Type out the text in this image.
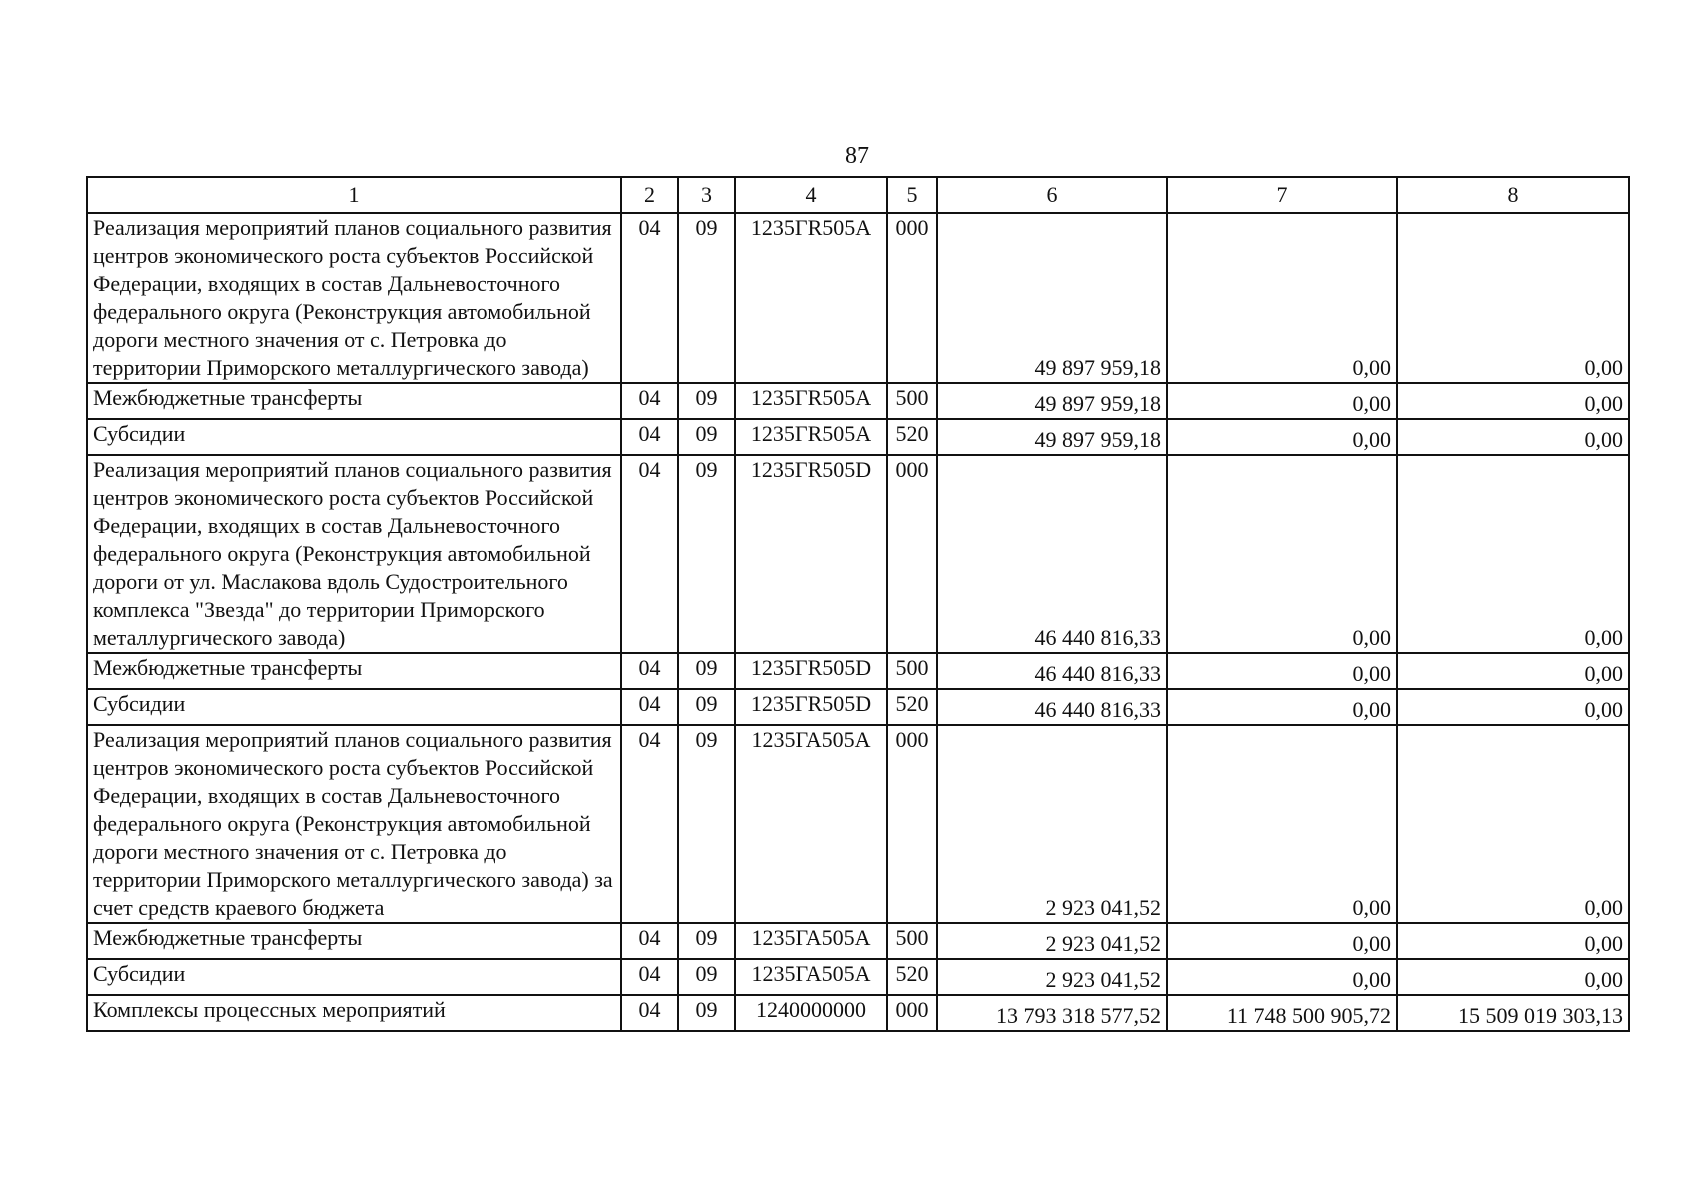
87
1	2	3	4	5	6	7	8
Реализация мероприятий планов социального развития центров экономического роста субъектов Российской Федерации, входящих в состав Дальневосточного федерального округа (Реконструкция автомобильной дороги местного значения от с. Петровка до территории Приморского металлургического завода)	04	09	1235ГR505A	000	49 897 959,18	0,00	0,00
Межбюджетные трансферты	04	09	1235ГR505A	500	49 897 959,18	0,00	0,00
Субсидии	04	09	1235ГR505A	520	49 897 959,18	0,00	0,00
Реализация мероприятий планов социального развития центров экономического роста субъектов Российской Федерации, входящих в состав Дальневосточного федерального округа (Реконструкция автомобильной дороги от ул. Маслакова вдоль Судостроительного комплекса "Звезда" до территории Приморского металлургического завода)	04	09	1235ГR505D	000	46 440 816,33	0,00	0,00
Межбюджетные трансферты	04	09	1235ГR505D	500	46 440 816,33	0,00	0,00
Субсидии	04	09	1235ГR505D	520	46 440 816,33	0,00	0,00
Реализация мероприятий планов социального развития центров экономического роста субъектов Российской Федерации, входящих в состав Дальневосточного федерального округа (Реконструкция автомобильной дороги местного значения от с. Петровка до территории Приморского металлургического завода) за счет средств краевого бюджета	04	09	1235ГА505А	000	2 923 041,52	0,00	0,00
Межбюджетные трансферты	04	09	1235ГА505А	500	2 923 041,52	0,00	0,00
Субсидии	04	09	1235ГА505А	520	2 923 041,52	0,00	0,00
Комплексы процессных мероприятий	04	09	1240000000	000	13 793 318 577,52	11 748 500 905,72	15 509 019 303,13
